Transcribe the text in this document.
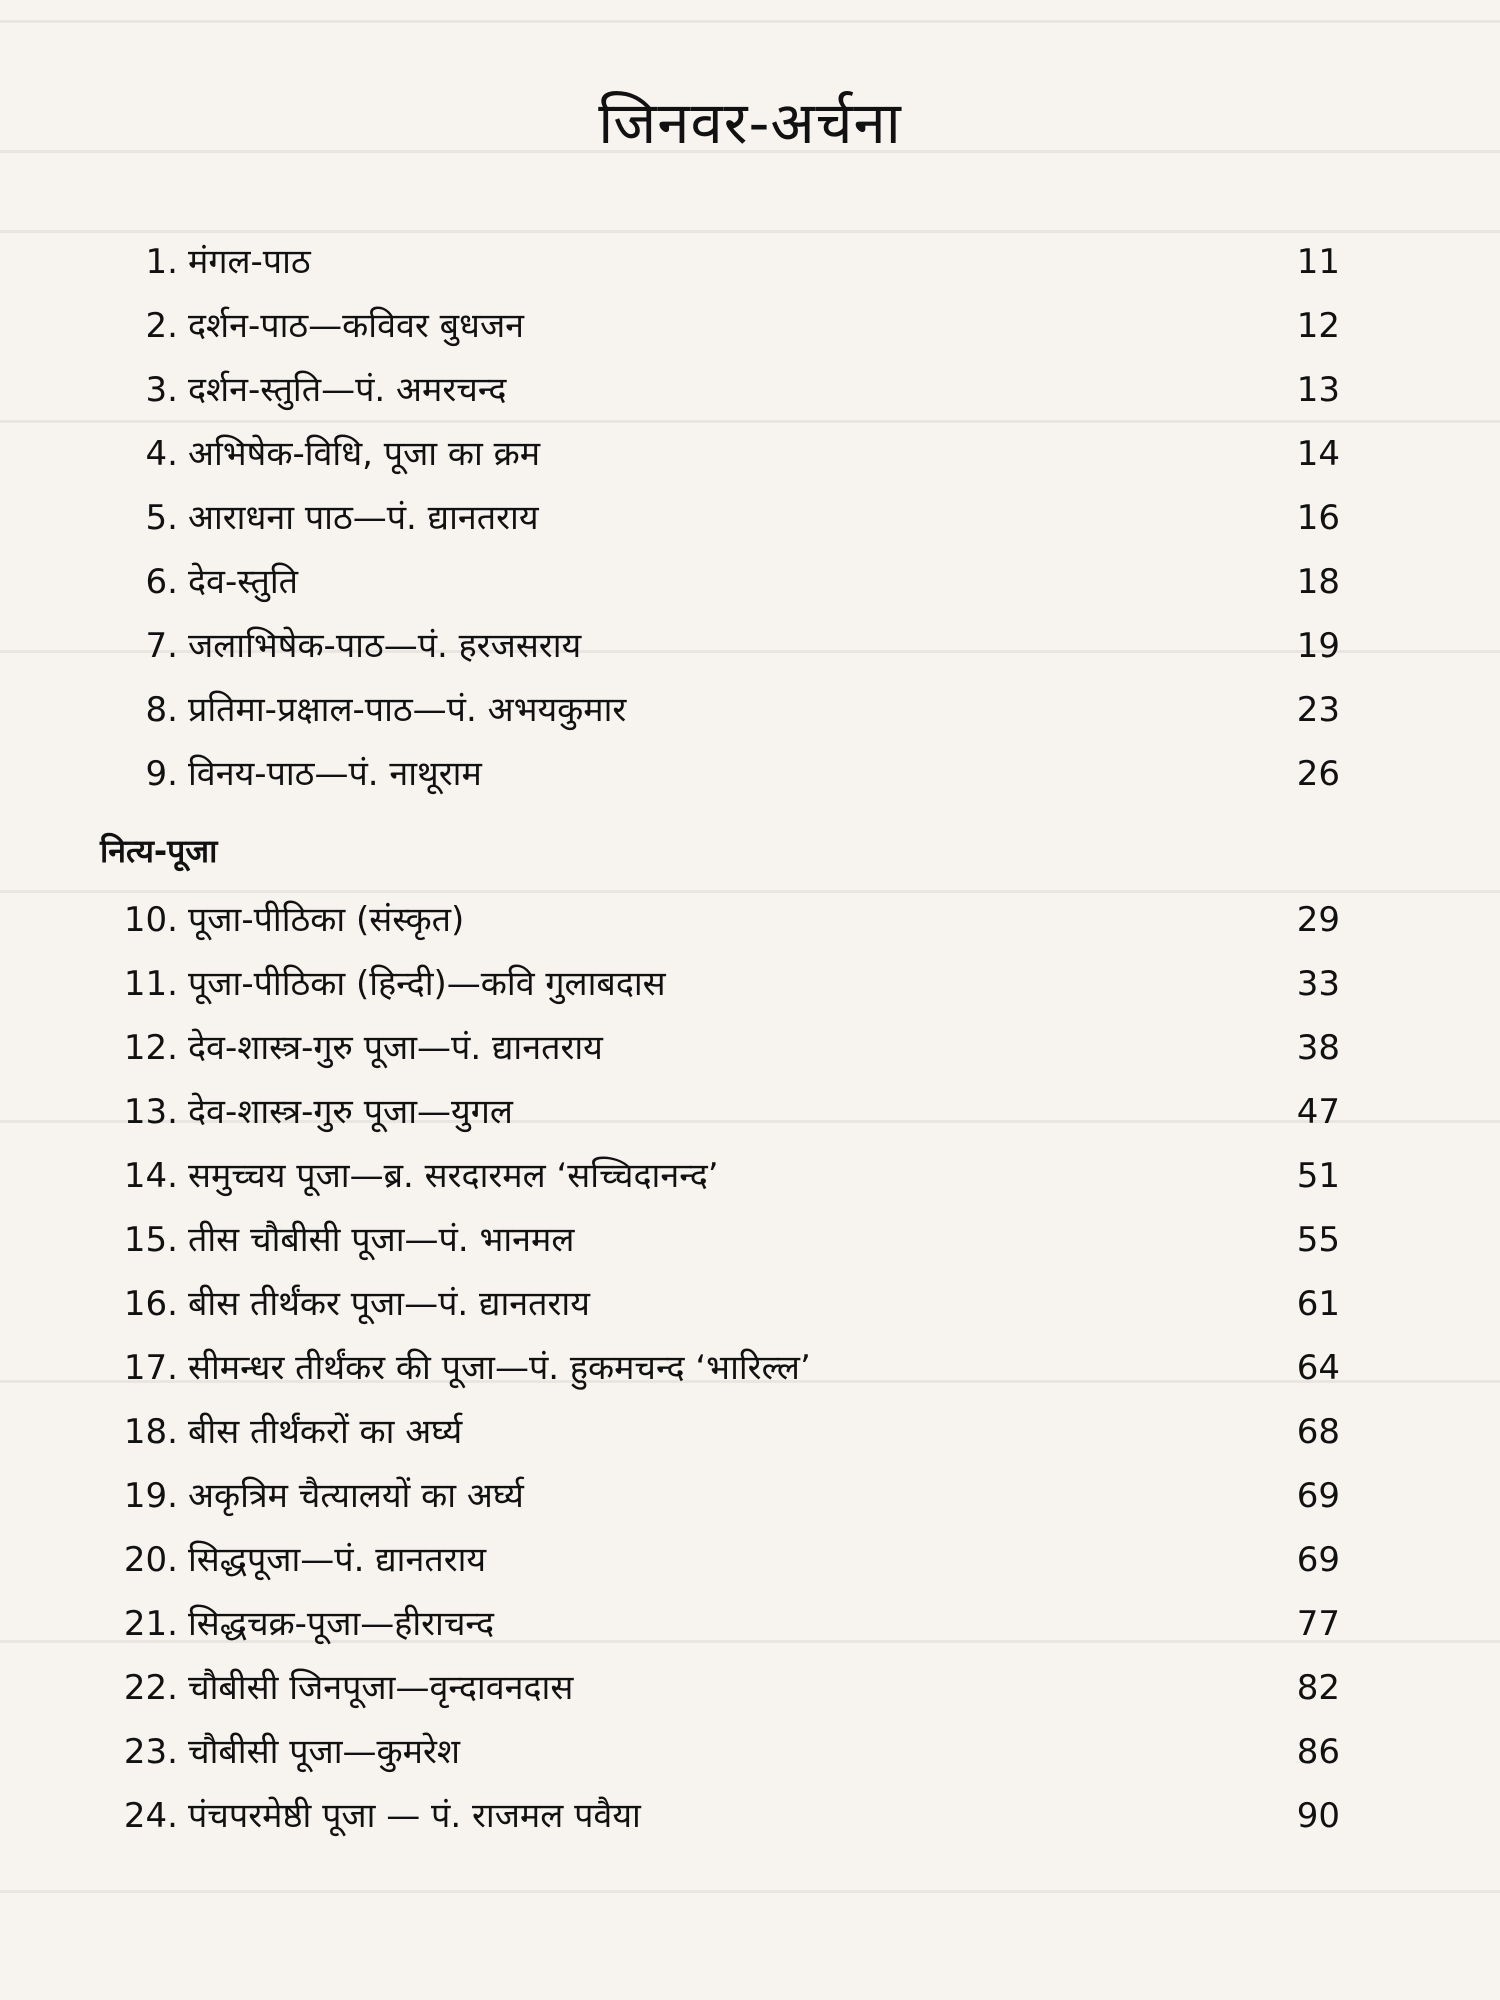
जिनवर-अर्चना
1. मंगल-पाठ	11
2. दर्शन-पाठ—कविवर बुधजन	12
3. दर्शन-स्तुति—पं. अमरचन्द	13
4. अभिषेक-विधि, पूजा का क्रम	14
5. आराधना पाठ—पं. द्यानतराय	16
6. देव-स्तुति	18
7. जलाभिषेक-पाठ—पं. हरजसराय	19
8. प्रतिमा-प्रक्षाल-पाठ—पं. अभयकुमार	23
9. विनय-पाठ—पं. नाथूराम	26
नित्य-पूजा
10. पूजा-पीठिका (संस्कृत)	29
11. पूजा-पीठिका (हिन्दी)—कवि गुलाबदास	33
12. देव-शास्त्र-गुरु पूजा—पं. द्यानतराय	38
13. देव-शास्त्र-गुरु पूजा—युगल	47
14. समुच्चय पूजा—ब्र. सरदारमल ‘सच्चिदानन्द’	51
15. तीस चौबीसी पूजा—पं. भानमल	55
16. बीस तीर्थंकर पूजा—पं. द्यानतराय	61
17. सीमन्धर तीर्थंकर की पूजा—पं. हुकमचन्द ‘भारिल्ल’	64
18. बीस तीर्थंकरों का अर्घ्य	68
19. अकृत्रिम चैत्यालयों का अर्घ्य	69
20. सिद्धपूजा—पं. द्यानतराय	69
21. सिद्धचक्र-पूजा—हीराचन्द	77
22. चौबीसी जिनपूजा—वृन्दावनदास	82
23. चौबीसी पूजा—कुमरेश	86
24. पंचपरमेष्ठी पूजा — पं. राजमल पवैया	90
